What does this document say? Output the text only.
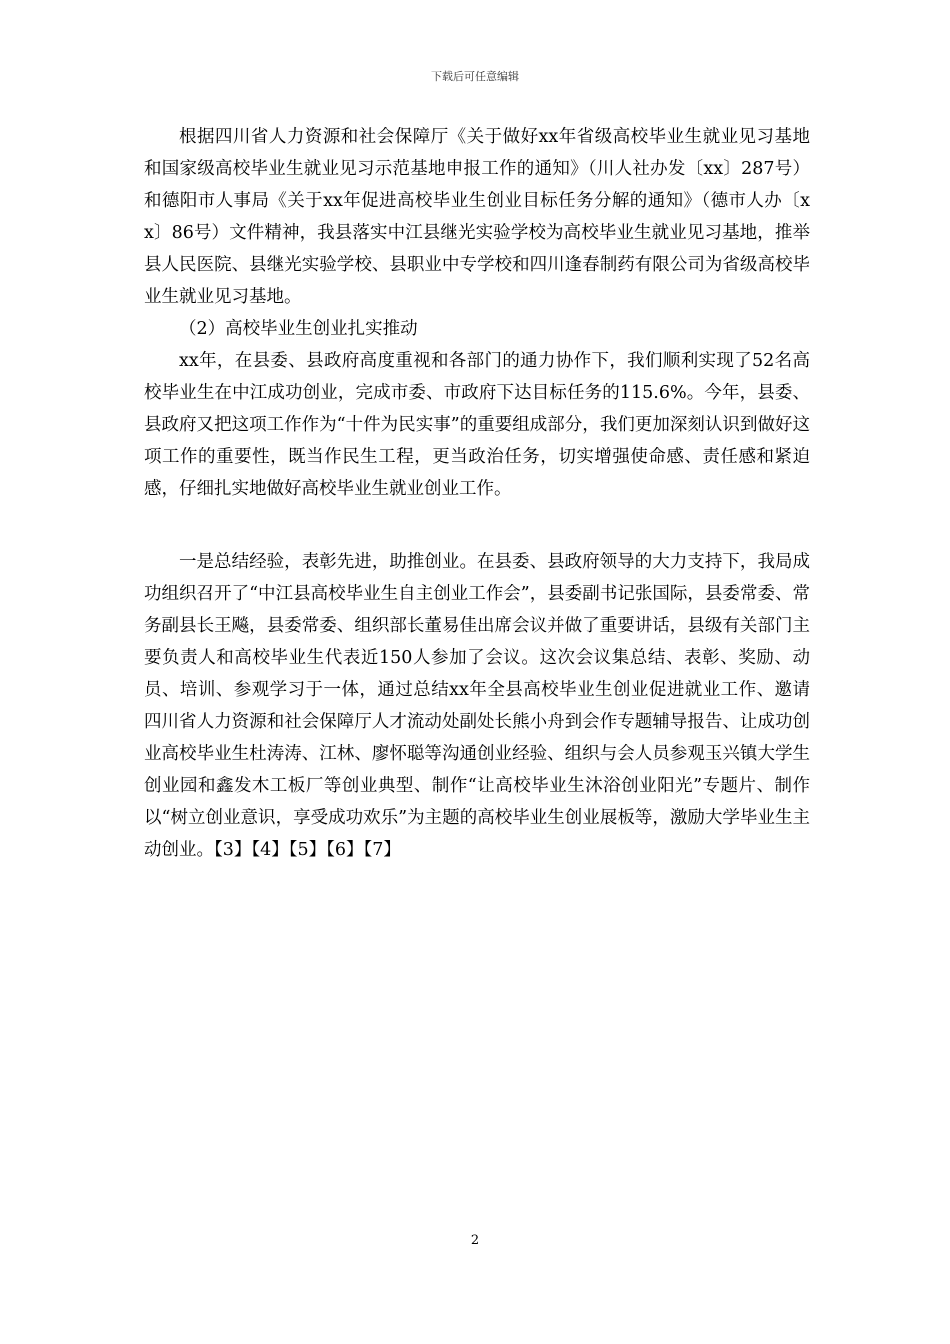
下载后可任意编辑

根据四川省人力资源和社会保障厅《关于做好xx年省级高校毕业生就业见习基地和国家级高校毕业生就业见习示范基地申报工作的通知》（川人社办发〔xx〕287号）和德阳市人事局《关于xx年促进高校毕业生创业目标任务分解的通知》（德市人办〔xx〕86号）文件精神，我县落实中江县继光实验学校为高校毕业生就业见习基地，推举县人民医院、县继光实验学校、县职业中专学校和四川逢春制药有限公司为省级高校毕业生就业见习基地。

（2）高校毕业生创业扎实推动

xx年，在县委、县政府高度重视和各部门的通力协作下，我们顺利实现了52名高校毕业生在中江成功创业，完成市委、市政府下达目标任务的115.6%。今年，县委、县政府又把这项工作作为“十件为民实事”的重要组成部分，我们更加深刻认识到做好这项工作的重要性，既当作民生工程，更当政治任务，切实增强使命感、责任感和紧迫感，仔细扎实地做好高校毕业生就业创业工作。

一是总结经验，表彰先进，助推创业。在县委、县政府领导的大力支持下，我局成功组织召开了“中江县高校毕业生自主创业工作会”，县委副书记张国际，县委常委、常务副县长王飚，县委常委、组织部长董易佳出席会议并做了重要讲话，县级有关部门主要负责人和高校毕业生代表近150人参加了会议。这次会议集总结、表彰、奖励、动员、培训、参观学习于一体，通过总结xx年全县高校毕业生创业促进就业工作、邀请四川省人力资源和社会保障厅人才流动处副处长熊小舟到会作专题辅导报告、让成功创业高校毕业生杜涛涛、江林、廖怀聪等沟通创业经验、组织与会人员参观玉兴镇大学生创业园和鑫发木工板厂等创业典型、制作“让高校毕业生沐浴创业阳光”专题片、制作以“树立创业意识，享受成功欢乐”为主题的高校毕业生创业展板等，激励大学毕业生主动创业。【3】【4】【5】【6】【7】

2
